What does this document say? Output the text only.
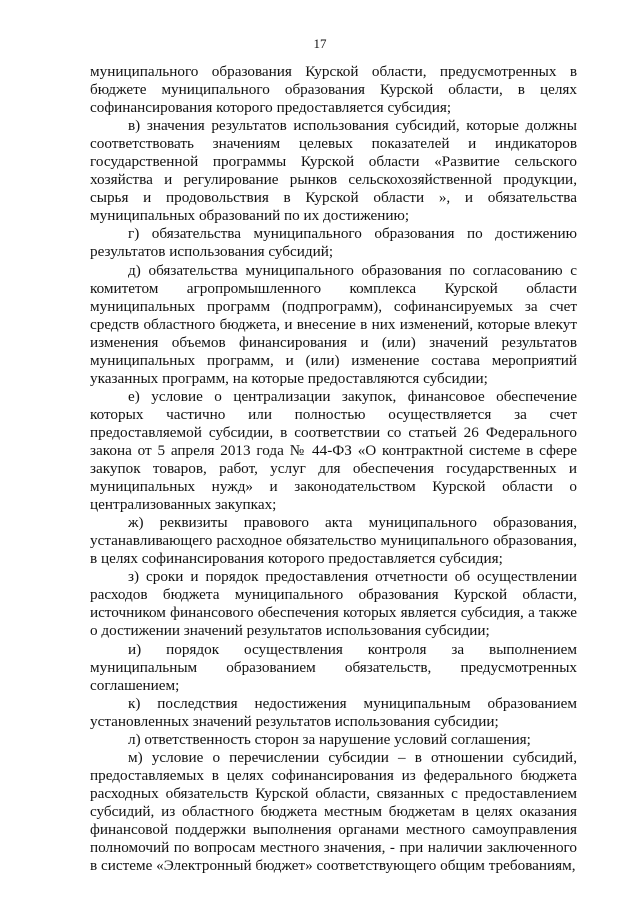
17

муниципального образования Курской области, предусмотренных в бюджете муниципального образования Курской области, в целях софинансирования которого предоставляется субсидия;

в) значения результатов использования субсидий, которые должны соответствовать значениям целевых показателей и индикаторов государственной программы Курской области «Развитие сельского хозяйства и регулирование рынков сельскохозяйственной продукции, сырья и продовольствия в Курской области », и обязательства муниципальных образований по их достижению;

г) обязательства муниципального образования по достижению результатов использования субсидий;

д) обязательства муниципального образования по согласованию с комитетом агропромышленного комплекса Курской области муниципальных программ (подпрограмм), софинансируемых за счет средств областного бюджета, и внесение в них изменений, которые влекут изменения объемов финансирования и (или) значений результатов муниципальных программ, и (или) изменение состава мероприятий указанных программ, на которые предоставляются субсидии;

е) условие о централизации закупок, финансовое обеспечение которых частично или полностью осуществляется за счет предоставляемой субсидии, в соответствии со статьей 26 Федерального закона от 5 апреля 2013 года № 44-ФЗ «О контрактной системе в сфере закупок товаров, работ, услуг для обеспечения государственных и муниципальных нужд» и законодательством Курской области о централизованных закупках;

ж) реквизиты правового акта муниципального образования, устанавливающего расходное обязательство муниципального образования, в целях софинансирования которого предоставляется субсидия;

з) сроки и порядок предоставления отчетности об осуществлении расходов бюджета муниципального образования Курской области, источником финансового обеспечения которых является субсидия, а также о достижении значений результатов использования субсидии;

и) порядок осуществления контроля за выполнением муниципальным образованием обязательств, предусмотренных соглашением;

к) последствия недостижения муниципальным образованием установленных значений результатов использования субсидии;

л) ответственность сторон за нарушение условий соглашения;

м) условие о перечислении субсидии – в отношении субсидий, предоставляемых в целях софинансирования из федерального бюджета расходных обязательств Курской области, связанных с предоставлением субсидий, из областного бюджета местным бюджетам в целях оказания финансовой поддержки выполнения органами местного самоуправления полномочий по вопросам местного значения, - при наличии заключенного в системе «Электронный бюджет» соответствующего общим требованиям,
